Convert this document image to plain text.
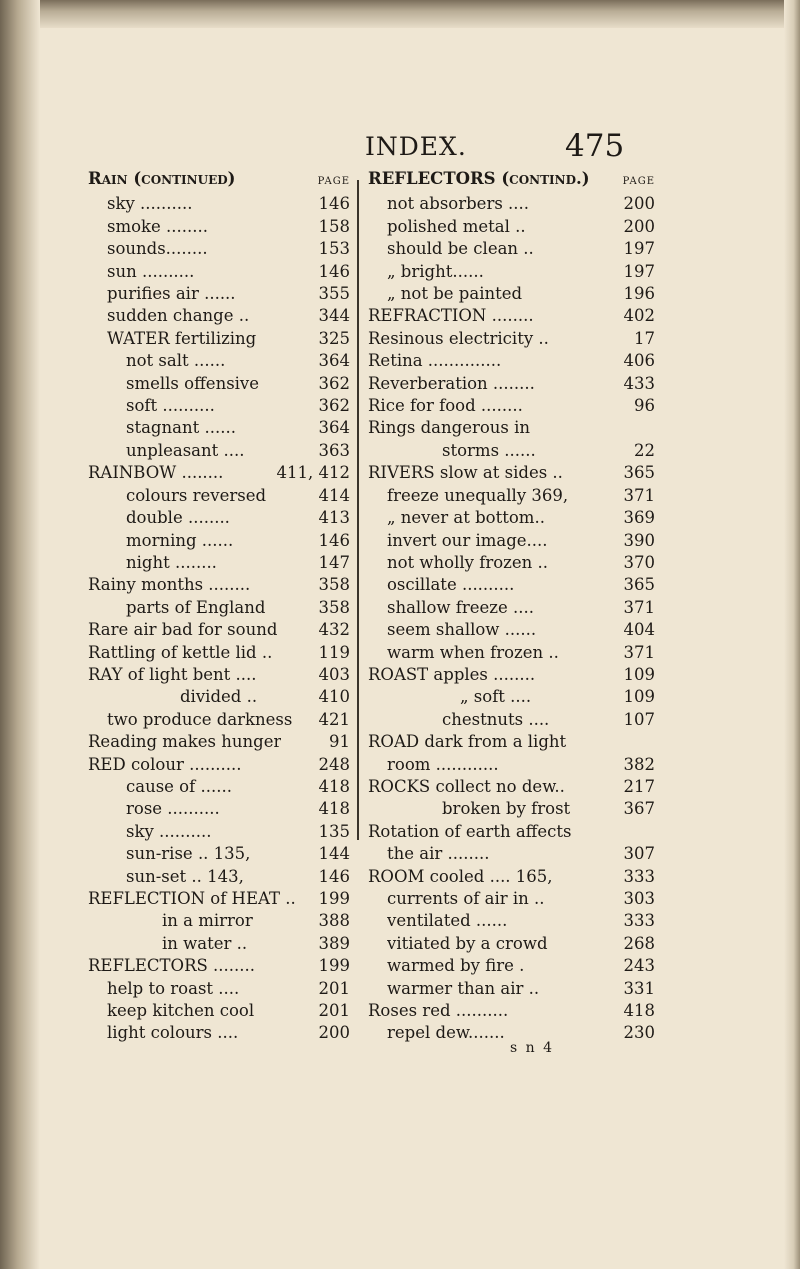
INDEX.	475
Rain (continued)	PAGE
sky ..........	146
smoke ........	158
sounds........	153
sun ..........	146
purifies air ......	355
sudden change ..	344
WATER fertilizing	325
not salt ......	364
smells offensive	362
soft ..........	362
stagnant ......	364
unpleasant ....	363
RAINBOW ........	411, 412
colours reversed	414
double ........	413
morning ......	146
night ........	147
Rainy months ........	358
parts of England	358
Rare air bad for sound 432
Rattling of kettle lid ..	119
RAY of light bent ....	403
divided ..	410
two produce darkness 421
Reading makes hunger	91
RED colour ..........	248
cause of ......	418
rose ..........	418
sky ..........	135
sun-rise .. 135,	144
sun-set .. 143,	146
REFLECTION of HEAT .. 199
in a mirror	388
in water ..	389
REFLECTORS ........	199
help to roast ....	201
keep kitchen cool	201
light colours ....	200
REFLECTORS (contind.)	PAGE
not absorbers ....	200
polished metal ..	200
should be clean ..	197
„ bright......	197
„ not be painted	196
REFRACTION ........	402
Resinous electricity ..	17
Retina ..............	406
Reverberation ........	433
Rice for food ........	96
Rings dangerous in
storms ......	22
RIVERS slow at sides ..	365
freeze unequally 369,	371
„ never at bottom..	369
invert our image....	390
not wholly frozen ..	370
oscillate ..........	365
shallow freeze ....	371
seem shallow ......	404
warm when frozen ..	371
ROAST apples ........	109
„ soft ....	109
chestnuts ....	107
ROAD dark from a light
room ............	382
ROCKS collect no dew..	217
broken by frost	367
Rotation of earth affects
the air ........	307
ROOM cooled .... 165,	333
currents of air in ..	303
ventilated ......	333
vitiated by a crowd	268
warmed by fire .	243
warmer than air ..	331
Roses red ..........	418
repel dew.......	230
s n 4
